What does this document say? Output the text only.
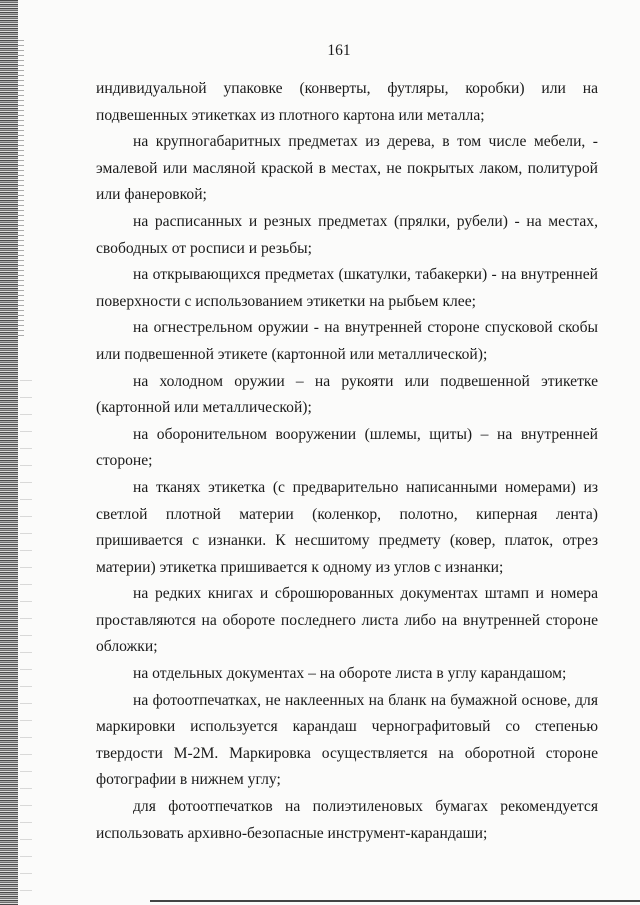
161

индивидуальной упаковке (конверты, футляры, коробки) или на подвешенных этикетках из плотного картона или металла;

на крупногабаритных предметах из дерева, в том числе мебели, - эмалевой или масляной краской в местах, не покрытых лаком, политурой или фанеровкой;

на расписанных и резных предметах (прялки, рубели) - на местах, свободных от росписи и резьбы;

на открывающихся предметах (шкатулки, табакерки) - на внутренней поверхности с использованием этикетки на рыбьем клее;

на огнестрельном оружии - на внутренней стороне спусковой скобы или подвешенной этикете (картонной или металлической);

на холодном оружии – на рукояти или подвешенной этикетке (картонной или металлической);

на оборонительном вооружении (шлемы, щиты) – на внутренней стороне;

на тканях этикетка (с предварительно написанными номерами) из светлой плотной материи (коленкор, полотно, киперная лента) пришивается с изнанки. К несшитому предмету (ковер, платок, отрез материи) этикетка пришивается к одному из углов с изнанки;

на редких книгах и сброшюрованных документах штамп и номера проставляются на обороте последнего листа либо на внутренней стороне обложки;

на отдельных документах – на обороте листа в углу карандашом;

на фотоотпечатках, не наклеенных на бланк на бумажной основе, для маркировки используется карандаш чернографитовый со степенью твердости М-2М. Маркировка осуществляется на оборотной стороне фотографии в нижнем углу;

для фотоотпечатков на полиэтиленовых бумагах рекомендуется использовать архивно-безопасные инструмент-карандаши;
